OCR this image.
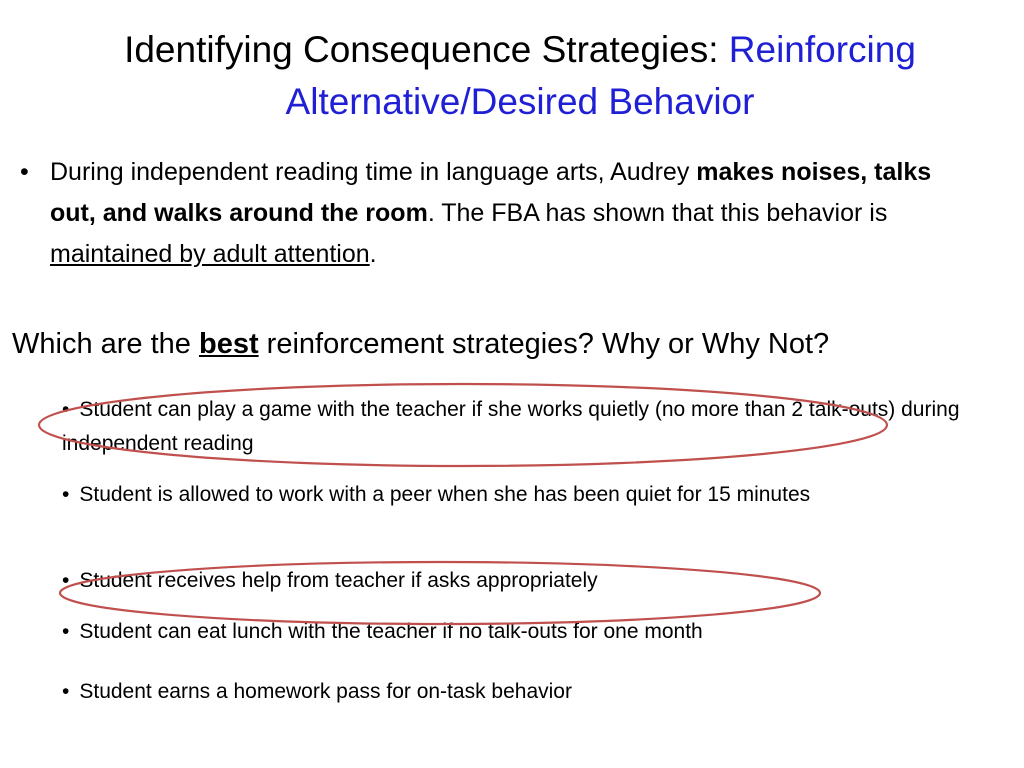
Identifying Consequence Strategies: Reinforcing Alternative/Desired Behavior
• During independent reading time in language arts, Audrey makes noises, talks out, and walks around the room. The FBA has shown that this behavior is maintained by adult attention.
Which are the best reinforcement strategies? Why or Why Not?
• Student can play a game with the teacher if she works quietly (no more than 2 talk-outs) during independent reading
• Student is allowed to work with a peer when she has been quiet for 15 minutes
• Student receives help from teacher if asks appropriately
• Student can eat lunch with the teacher if no talk-outs for one month
• Student earns a homework pass for on-task behavior
